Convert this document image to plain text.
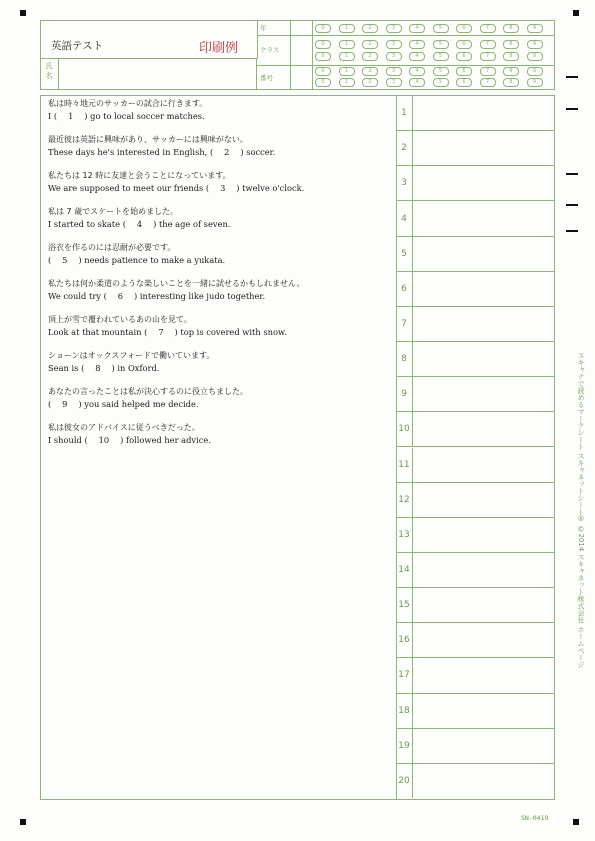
英語テスト	印刷例
氏名
年	0	1	2	3	4	5	6	7	8	9
クラス
0	1	2	3	4	5	6	7	8	9
0	1	2	3	4	5	6	7	8	9
番号
0	1	2	3	4	5	6	7	8	9
0	1	2	3	4	5	6	7	8	9
私は時々地元のサッカーの試合に行きます。
I ( 　1　 ) go to local soccer matches.
最近彼は英語に興味があり、サッカーには興味がない。
These days he's interested in English, (　 2　 ) soccer.
私たちは 12 時に友達と会うことになっています。
We are supposed to meet our friends (　 3　 ) twelve o'clock.
私は 7 歳でスケートを始めました。
I started to skate (　 4　 ) the age of seven.
浴衣を作るのには忍耐が必要です。
(　 5　 ) needs patience to make a yukata.
私たちは何か柔道のような楽しいことを一緒に試せるかもしれません。
We could try (　 6　 ) interesting like judo together.
頂上が雪で覆われているあの山を見て。
Look at that mountain (　 7　 ) top is covered with snow.
ショーンはオックスフォードで働いています。
Sean is (　 8　 ) in Oxford.
あなたの言ったことは私が決心するのに役立ちました。
(　 9　 ) you said helped me decide.
私は彼女のアドバイスに従うべきだった。
I should (　 10　 ) followed her advice.
1
2
3
4
5
6
7
8
9
10
11
12
13
14
15
16
17
18
19
20
スキャナで読めるマークシート スキャネットシート® ©2014 スキャネット株式会社 ホームページ
SN-0419
